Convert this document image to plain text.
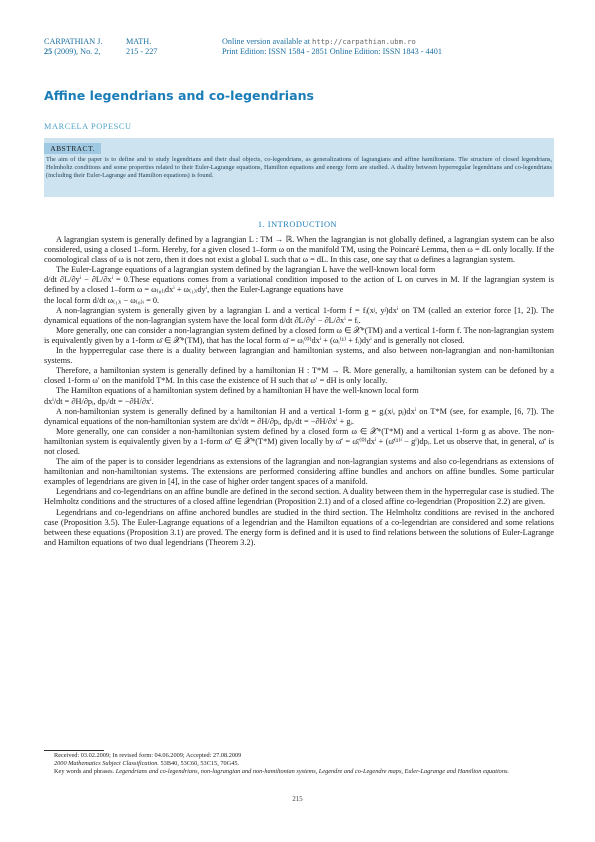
CARPATHIAN J.	MATH.
25 (2009), No. 2,	215 - 227
Online version available at http://carpathian.ubm.ro
Print Edition: ISSN 1584 - 2851 Online Edition: ISSN 1843 - 4401
Affine legendrians and co-legendrians
MARCELA POPESCU
ABSTRACT.
The aim of the paper is to define and to study legendrians and their dual objects, co-legendrians, as generalizations of lagrangians and affine hamiltonians. The structure of closed legendrians, Helmholtz conditions and some properties related to their Euler-Lagrange equations, Hamilton equations and energy form are studied. A duality between hyperregular legendrians and co-legendrians (including their Euler-Lagrange and Hamilton equations) is found.
1. INTRODUCTION

A lagrangian system is generally defined by a lagrangian L : TM → ℝ. When the lagrangian is not globally defined, a lagrangian system can be also considered, using a closed 1–form. Hereby, for a given closed 1–form ω on the manifold TM, using the Poincaré Lemma, then ω = dL only locally. If the coomological class of ω is not zero, then it does not exist a global L such that ω = dL. In this case, one say that ω defines a lagrangian system.

The Euler-Lagrange equations of a lagrangian system defined by the lagrangian L have the well-known local form

d/dt ∂L/∂yⁱ − ∂L/∂xⁱ = 0.These equations comes from a variational condition imposed to the action of L on curves in M. If the lagrangian system is defined by a closed 1–form ω = ω₍₀₎ᵢdxⁱ + ω₍₁₎ᵢdyⁱ, then the Euler-Lagrange equations have

the local form d/dt ω₍₁₎ᵢ − ω₍₀₎ᵢ = 0.

A non-lagrangian system is generally given by a lagrangian L and a vertical 1-form f = fᵢ(xʲ, yʲ)dxⁱ on TM (called an exterior force [1, 2]). The dynamical equations of the non-lagrangian system have the local form d/dt ∂L/∂yⁱ − ∂L/∂xⁱ = fᵢ.

More generally, one can consider a non-lagrangian system defined by a closed form ω ∈ 𝒳*(TM) and a vertical 1-form f. The non-lagrangian system is equivalently given by a 1-form ω̄ ∈ 𝒳*(TM), that has the local form ω̄ = ωᵢ⁽⁰⁾dxⁱ + (ωᵢ⁽¹⁾ + fᵢ)dyⁱ and is generally not closed.

In the hypperregular case there is a duality between lagrangian and hamiltonian systems, and also between non-lagrangian and non-hamiltonian systems.

Therefore, a hamiltonian system is generally defined by a hamiltonian H : T*M → ℝ. More generally, a hamiltonian system can be defoned by a closed 1-form ω′ on the manifold T*M. In this case the existence of H such that ω′ = dH is only locally.

The Hamilton equations of a hamiltonian system defined by a hamiltonian H have the well-known local form

dxⁱ/dt = ∂H/∂pᵢ, dpᵢ/dt = −∂H/∂xⁱ.

A non-hamiltonian system is generally defined by a hamiltonian H and a vertical 1-form g = gᵢ(xʲ, pⱼ)dxⁱ on T*M (see, for example, [6, 7]). The dynamical equations of the non-hamiltonian system are dxⁱ/dt = ∂H/∂pᵢ, dpᵢ/dt = −∂H/∂xⁱ + gᵢ.

More generally, one can consider a non-hamiltonian system defined by a closed form ω ∈ 𝒳*(T*M) and a vertical 1-form g as above. The non-hamiltonian system is equivalently given by a 1-form ω̄′ ∈ 𝒳*(T*M) given locally by ω̄′ = ω̄ᵢ⁽⁰⁾dxⁱ + (ω̄⁽¹⁾ⁱ − gⁱ)dpᵢ. Let us observe that, in general, ω̄′ is not closed.

The aim of the paper is to consider legendrians as extensions of the lagrangian and non-lagrangian systems and also co-legendrians as extensions of hamiltonian and non-hamiltonian systems. The extensions are performed considering affine bundles and anchors on affine bundles. Some particular examples of legendrians are given in [4], in the case of higher order tangent spaces of a manifold.

Legendrians and co-legendrians on an affine bundle are defined in the second section. A duality between them in the hyperregular case is studied. The Helmholtz conditions and the structures of a closed affine legendrian (Proposition 2.1) and of a closed affine co-legendrian (Proposition 2.2) are given.

Legendrians and co-legendrians on affine anchored bundles are studied in the third section. The Helmholtz conditions are revised in the anchored case (Proposition 3.5). The Euler-Lagrange equations of a legendrian and the Hamilton equations of a co-legendrian are considered and some relations between these equations (Proposition 3.1) are proved. The energy form is defined and it is used to find relations between the solutions of Euler-Lagrange and Hamilton equations of two dual legendrians (Theorem 3.2).

Received: 03.02.2009; In revised form: 04.06.2009; Accepted: 27.08.2009
2000 Mathematics Subject Classification. 53B40, 53C60, 53C15, 70G45.
Key words and phrases. Legendrians and co-legendrians, non-lagrangian and non-hamiltonian systems, Legendre and co-Legendre maps, Euler-Lagrange and Hamilton equations.
215
